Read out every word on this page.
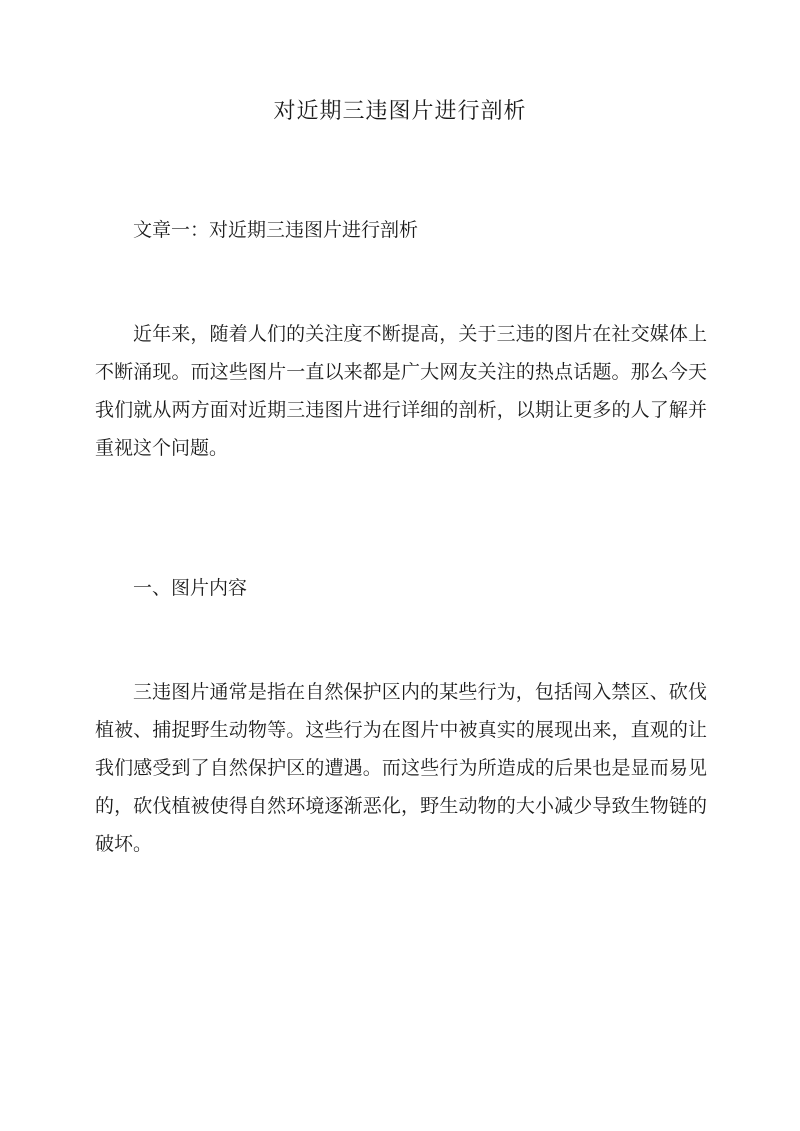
对近期三违图片进行剖析

文章一：对近期三违图片进行剖析

近年来，随着人们的关注度不断提高，关于三违的图片在社交媒体上不断涌现。而这些图片一直以来都是广大网友关注的热点话题。那么今天我们就从两方面对近期三违图片进行详细的剖析，以期让更多的人了解并重视这个问题。

一、图片内容

三违图片通常是指在自然保护区内的某些行为，包括闯入禁区、砍伐植被、捕捉野生动物等。这些行为在图片中被真实的展现出来，直观的让我们感受到了自然保护区的遭遇。而这些行为所造成的后果也是显而易见的，砍伐植被使得自然环境逐渐恶化，野生动物的大小减少导致生物链的破坏。
